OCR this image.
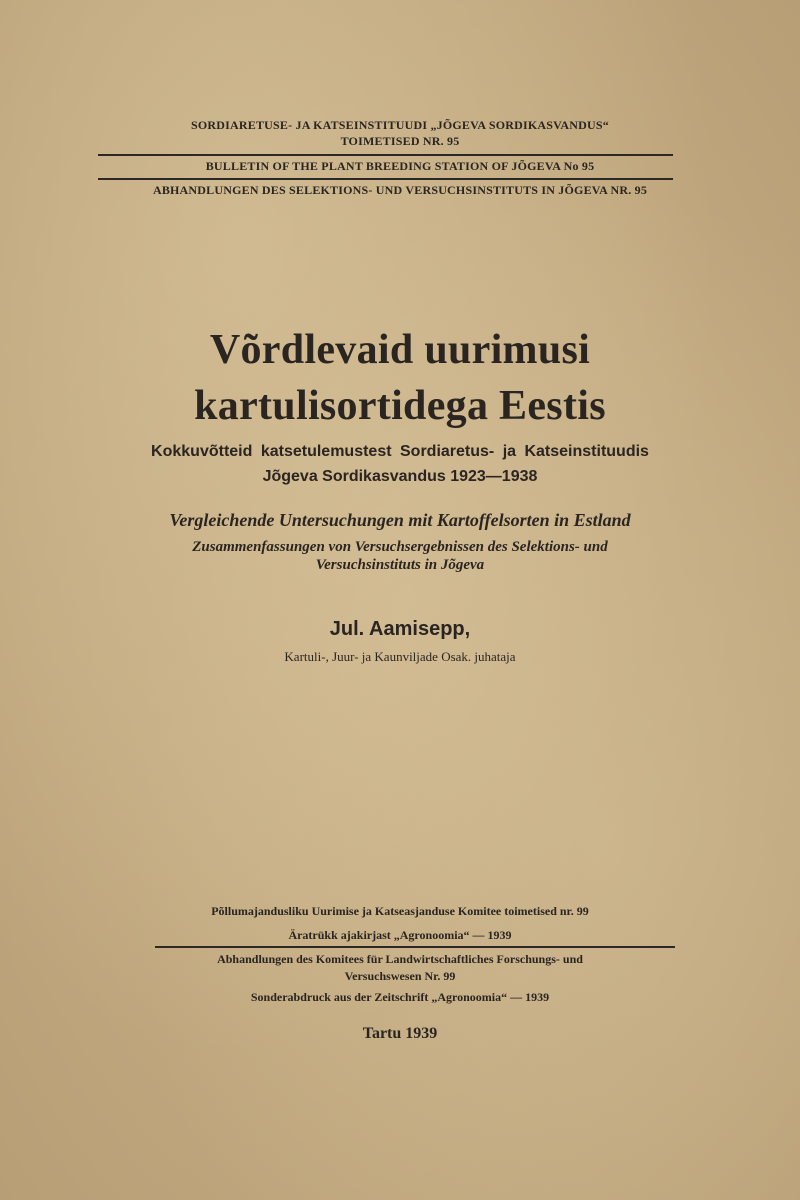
SORDIARETUSE- JA KATSEINSTITUUDI „JÕGEVA SORDIKASVANDUS“
TOIMETISED NR. 95
BULLETIN OF THE PLANT BREEDING STATION OF JÕGEVA No 95
ABHANDLUNGEN DES SELEKTIONS- UND VERSUCHSINSTITUTS IN JÕGEVA NR. 95
Võrdlevaid uurimusi
kartulisortidega Eestis
Kokkuvõtteid katsetulemustest Sordiaretus- ja Katseinstituudis
Jõgeva Sordikasvandus 1923—1938
Vergleichende Untersuchungen mit Kartoffelsorten in Estland
Zusammenfassungen von Versuchsergebnissen des Selektions- und
Versuchsinstituts in Jõgeva
Jul. Aamisepp,
Kartuli-, Juur- ja Kaunviljade Osak. juhataja
Põllumajandusliku Uurimise ja Katseasjanduse Komitee toimetised nr. 99
Äratrükk ajakirjast „Agronoomia“ — 1939
Abhandlungen des Komitees für Landwirtschaftliches Forschungs- und
Versuchswesen Nr. 99
Sonderabdruck aus der Zeitschrift „Agronoomia“ — 1939
Tartu 1939
